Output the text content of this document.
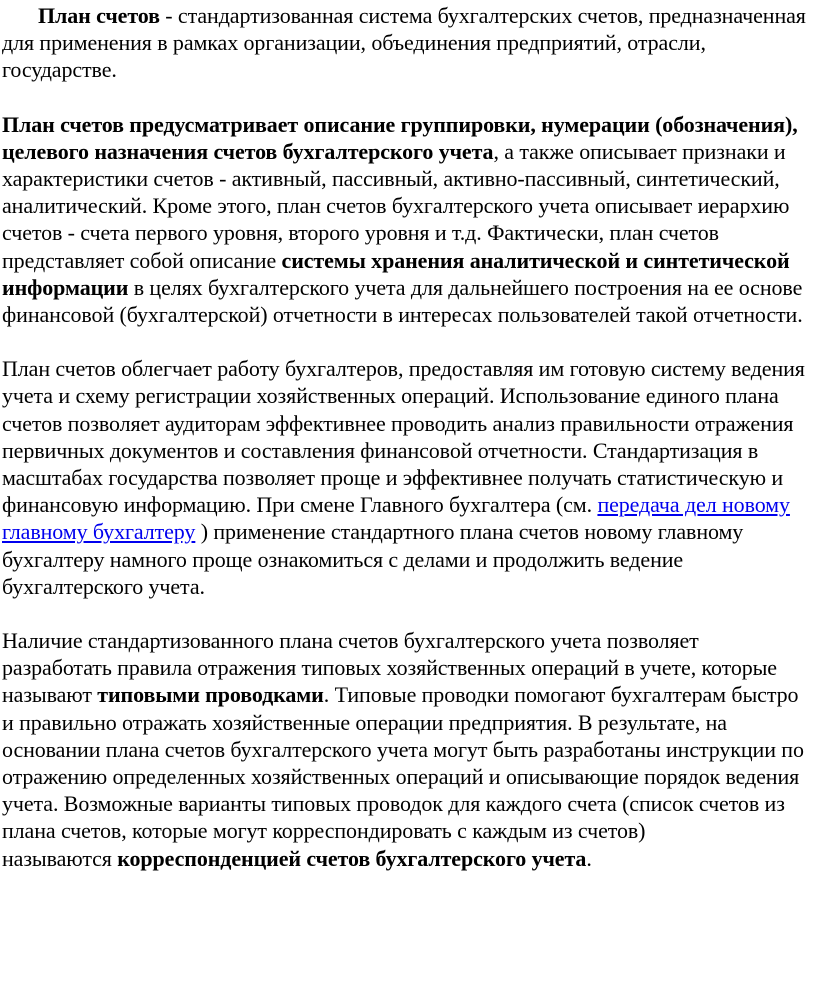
План счетов - стандартизованная система бухгалтерских счетов, предназначенная для применения в рамках организации, объединения предприятий, отрасли, государстве.

План счетов предусматривает описание группировки, нумерации (обозначения), целевого назначения счетов бухгалтерского учета, а также описывает признаки и характеристики счетов - активный, пассивный, активно-пассивный, синтетический, аналитический. Кроме этого, план счетов бухгалтерского учета описывает иерархию счетов - счета первого уровня, второго уровня и т.д. Фактически, план счетов представляет собой описание системы хранения аналитической и синтетической информации в целях бухгалтерского учета для дальнейшего построения на ее основе финансовой (бухгалтерской) отчетности в интересах пользователей такой отчетности.

План счетов облегчает работу бухгалтеров, предоставляя им готовую систему ведения учета и схему регистрации хозяйственных операций. Использование единого плана счетов позволяет аудиторам эффективнее проводить анализ правильности отражения первичных документов и составления финансовой отчетности. Стандартизация в масштабах государства позволяет проще и эффективнее получать статистическую и финансовую информацию. При смене Главного бухгалтера (см. передача дел новому главному бухгалтеру ) применение стандартного плана счетов новому главному бухгалтеру намного проще ознакомиться с делами и продолжить ведение бухгалтерского учета.

Наличие стандартизованного плана счетов бухгалтерского учета позволяет разработать правила отражения типовых хозяйственных операций в учете, которые называют типовыми проводками. Типовые проводки помогают бухгалтерам быстро и правильно отражать хозяйственные операции предприятия. В результате, на основании плана счетов бухгалтерского учета могут быть разработаны инструкции по отражению определенных хозяйственных операций и описывающие порядок ведения учета. Возможные варианты типовых проводок для каждого счета (список счетов из плана счетов, которые могут корреспондировать с каждым из счетов)
называются корреспонденцией счетов бухгалтерского учета.
